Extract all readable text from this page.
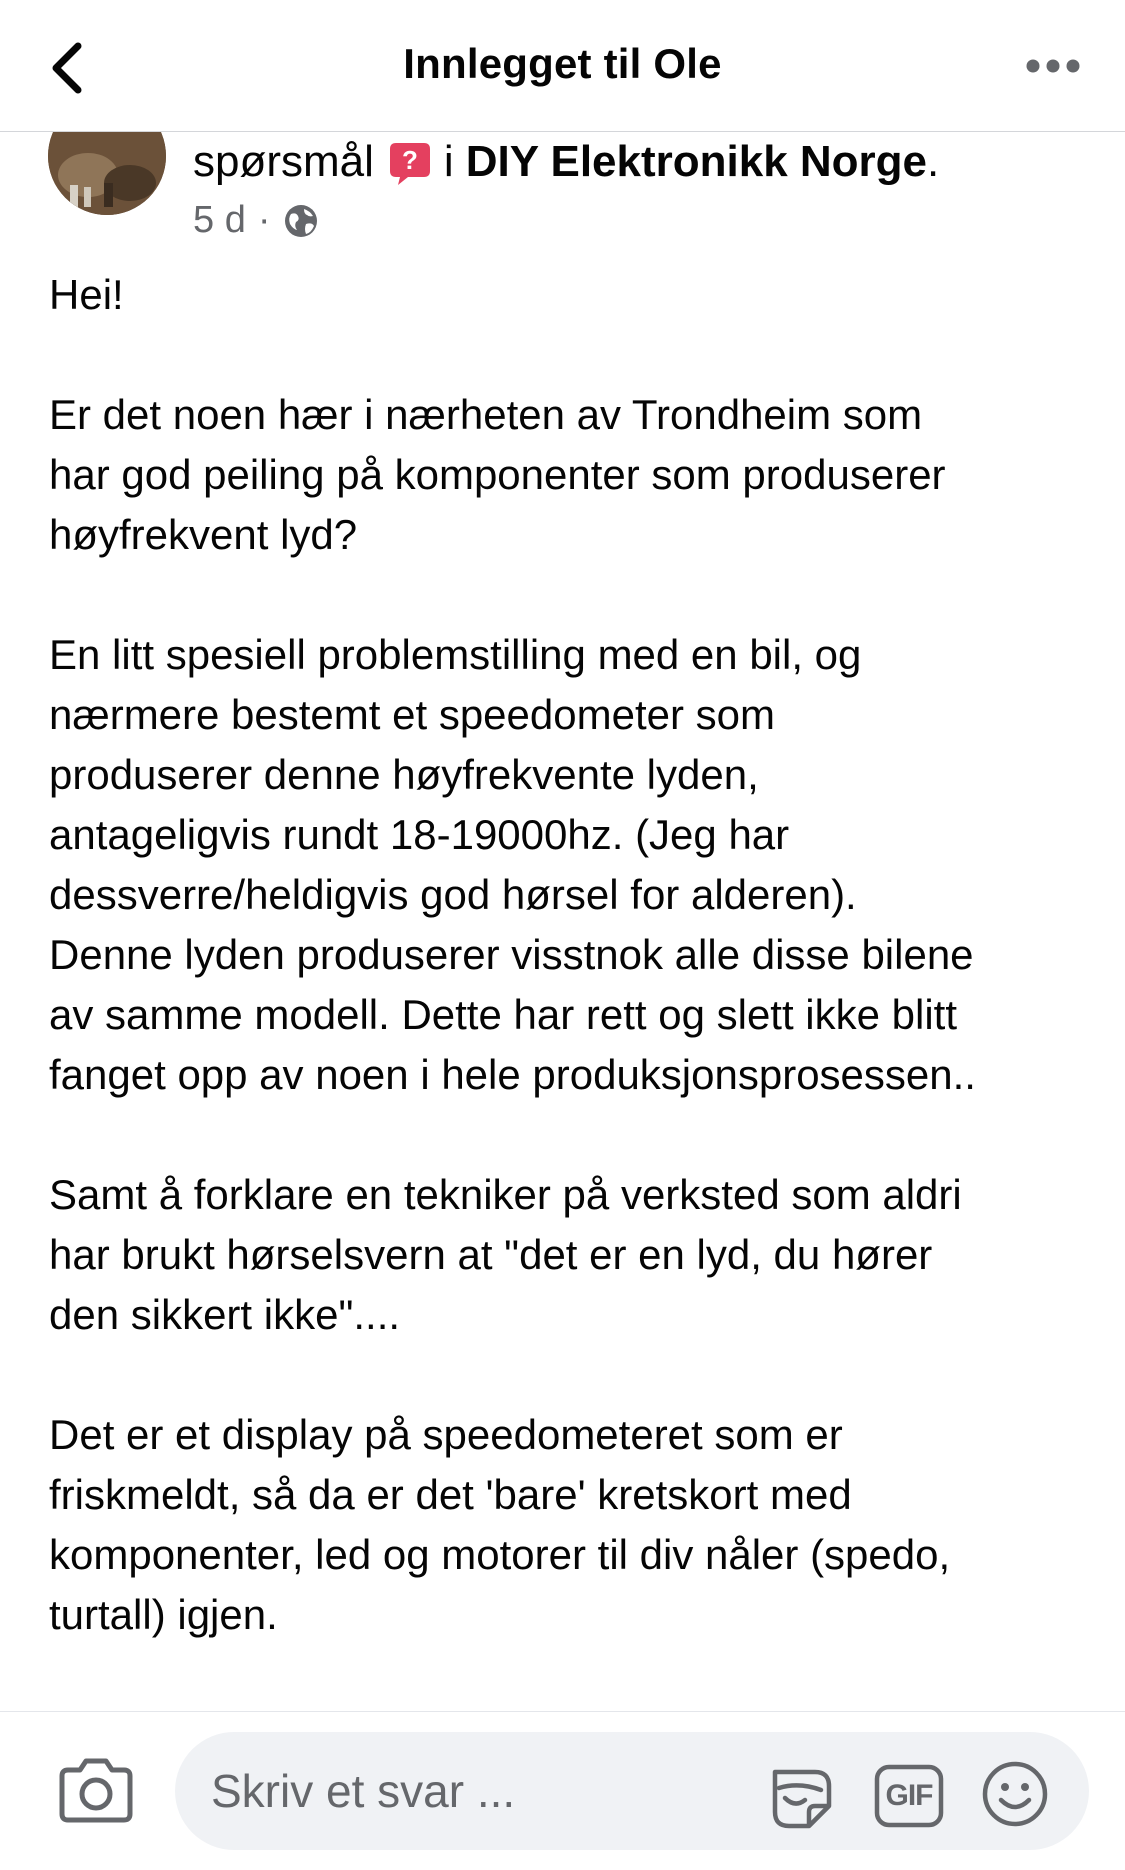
Innlegget til Ole
spørsmål ? i DIY Elektronikk Norge .
5 d ·

Hei!

Er det noen hær i nærheten av Trondheim som
har god peiling på komponenter som produserer
høyfrekvent lyd?

En litt spesiell problemstilling med en bil, og
nærmere bestemt et speedometer som
produserer denne høyfrekvente lyden,
antageligvis rundt 18-19000hz. (Jeg har
dessverre/heldigvis god hørsel for alderen).
Denne lyden produserer visstnok alle disse bilene
av samme modell. Dette har rett og slett ikke blitt
fanget opp av noen i hele produksjonsprosessen..

Samt å forklare en tekniker på verksted som aldri
har brukt hørselsvern at "det er en lyd, du hører
den sikkert ikke"....

Det er et display på speedometeret som er
friskmeldt, så da er det 'bare' kretskort med
komponenter, led og motorer til div nåler (spedo,
turtall) igjen.

Skriv et svar ...
GIF
